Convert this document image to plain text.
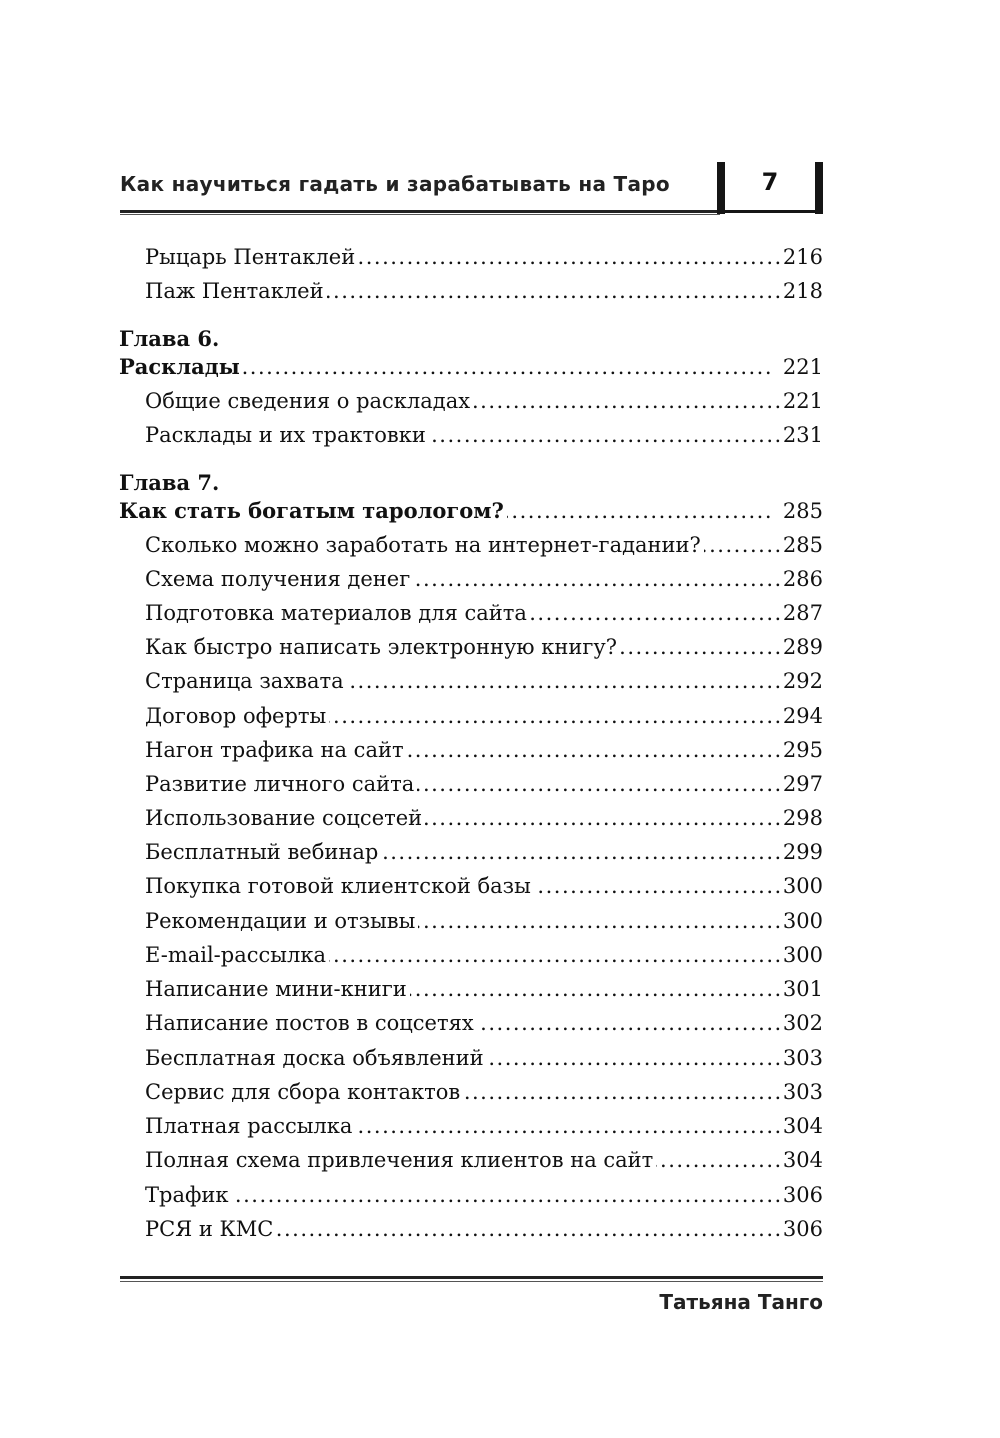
Как научиться гадать и зарабатывать на Таро	7
.....
Рыцарь Пентаклей	216
.....
Паж Пентаклей	218
Глава 6.
.....
Расклады	221
.....
Общие сведения о раскладах	221
.....
Расклады и их трактовки	231
Глава 7.
.....
Как стать богатым тарологом?	285
.....
Сколько можно заработать на интернет-гадании?	285
.....
Схема получения денег	286
.....
Подготовка материалов для сайта	287
.....
Как быстро написать электронную книгу?	289
.....
Страница захвата	292
.....
Договор оферты	294
.....
Нагон трафика на сайт	295
.....
Развитие личного сайта	297
.....
Использование соцсетей	298
.....
Бесплатный вебинар	299
.....
Покупка готовой клиентской базы	300
.....
Рекомендации и отзывы	300
.....
E-mail-рассылка	300
.....
Написание мини-книги	301
.....
Написание постов в соцсетях	302
.....
Бесплатная доска объявлений	303
.....
Сервис для сбора контактов	303
.....
Платная рассылка	304
.....
Полная схема привлечения клиентов на сайт	304
.....
Трафик	306
.....
РСЯ и КМС	306
Татьяна Танго
